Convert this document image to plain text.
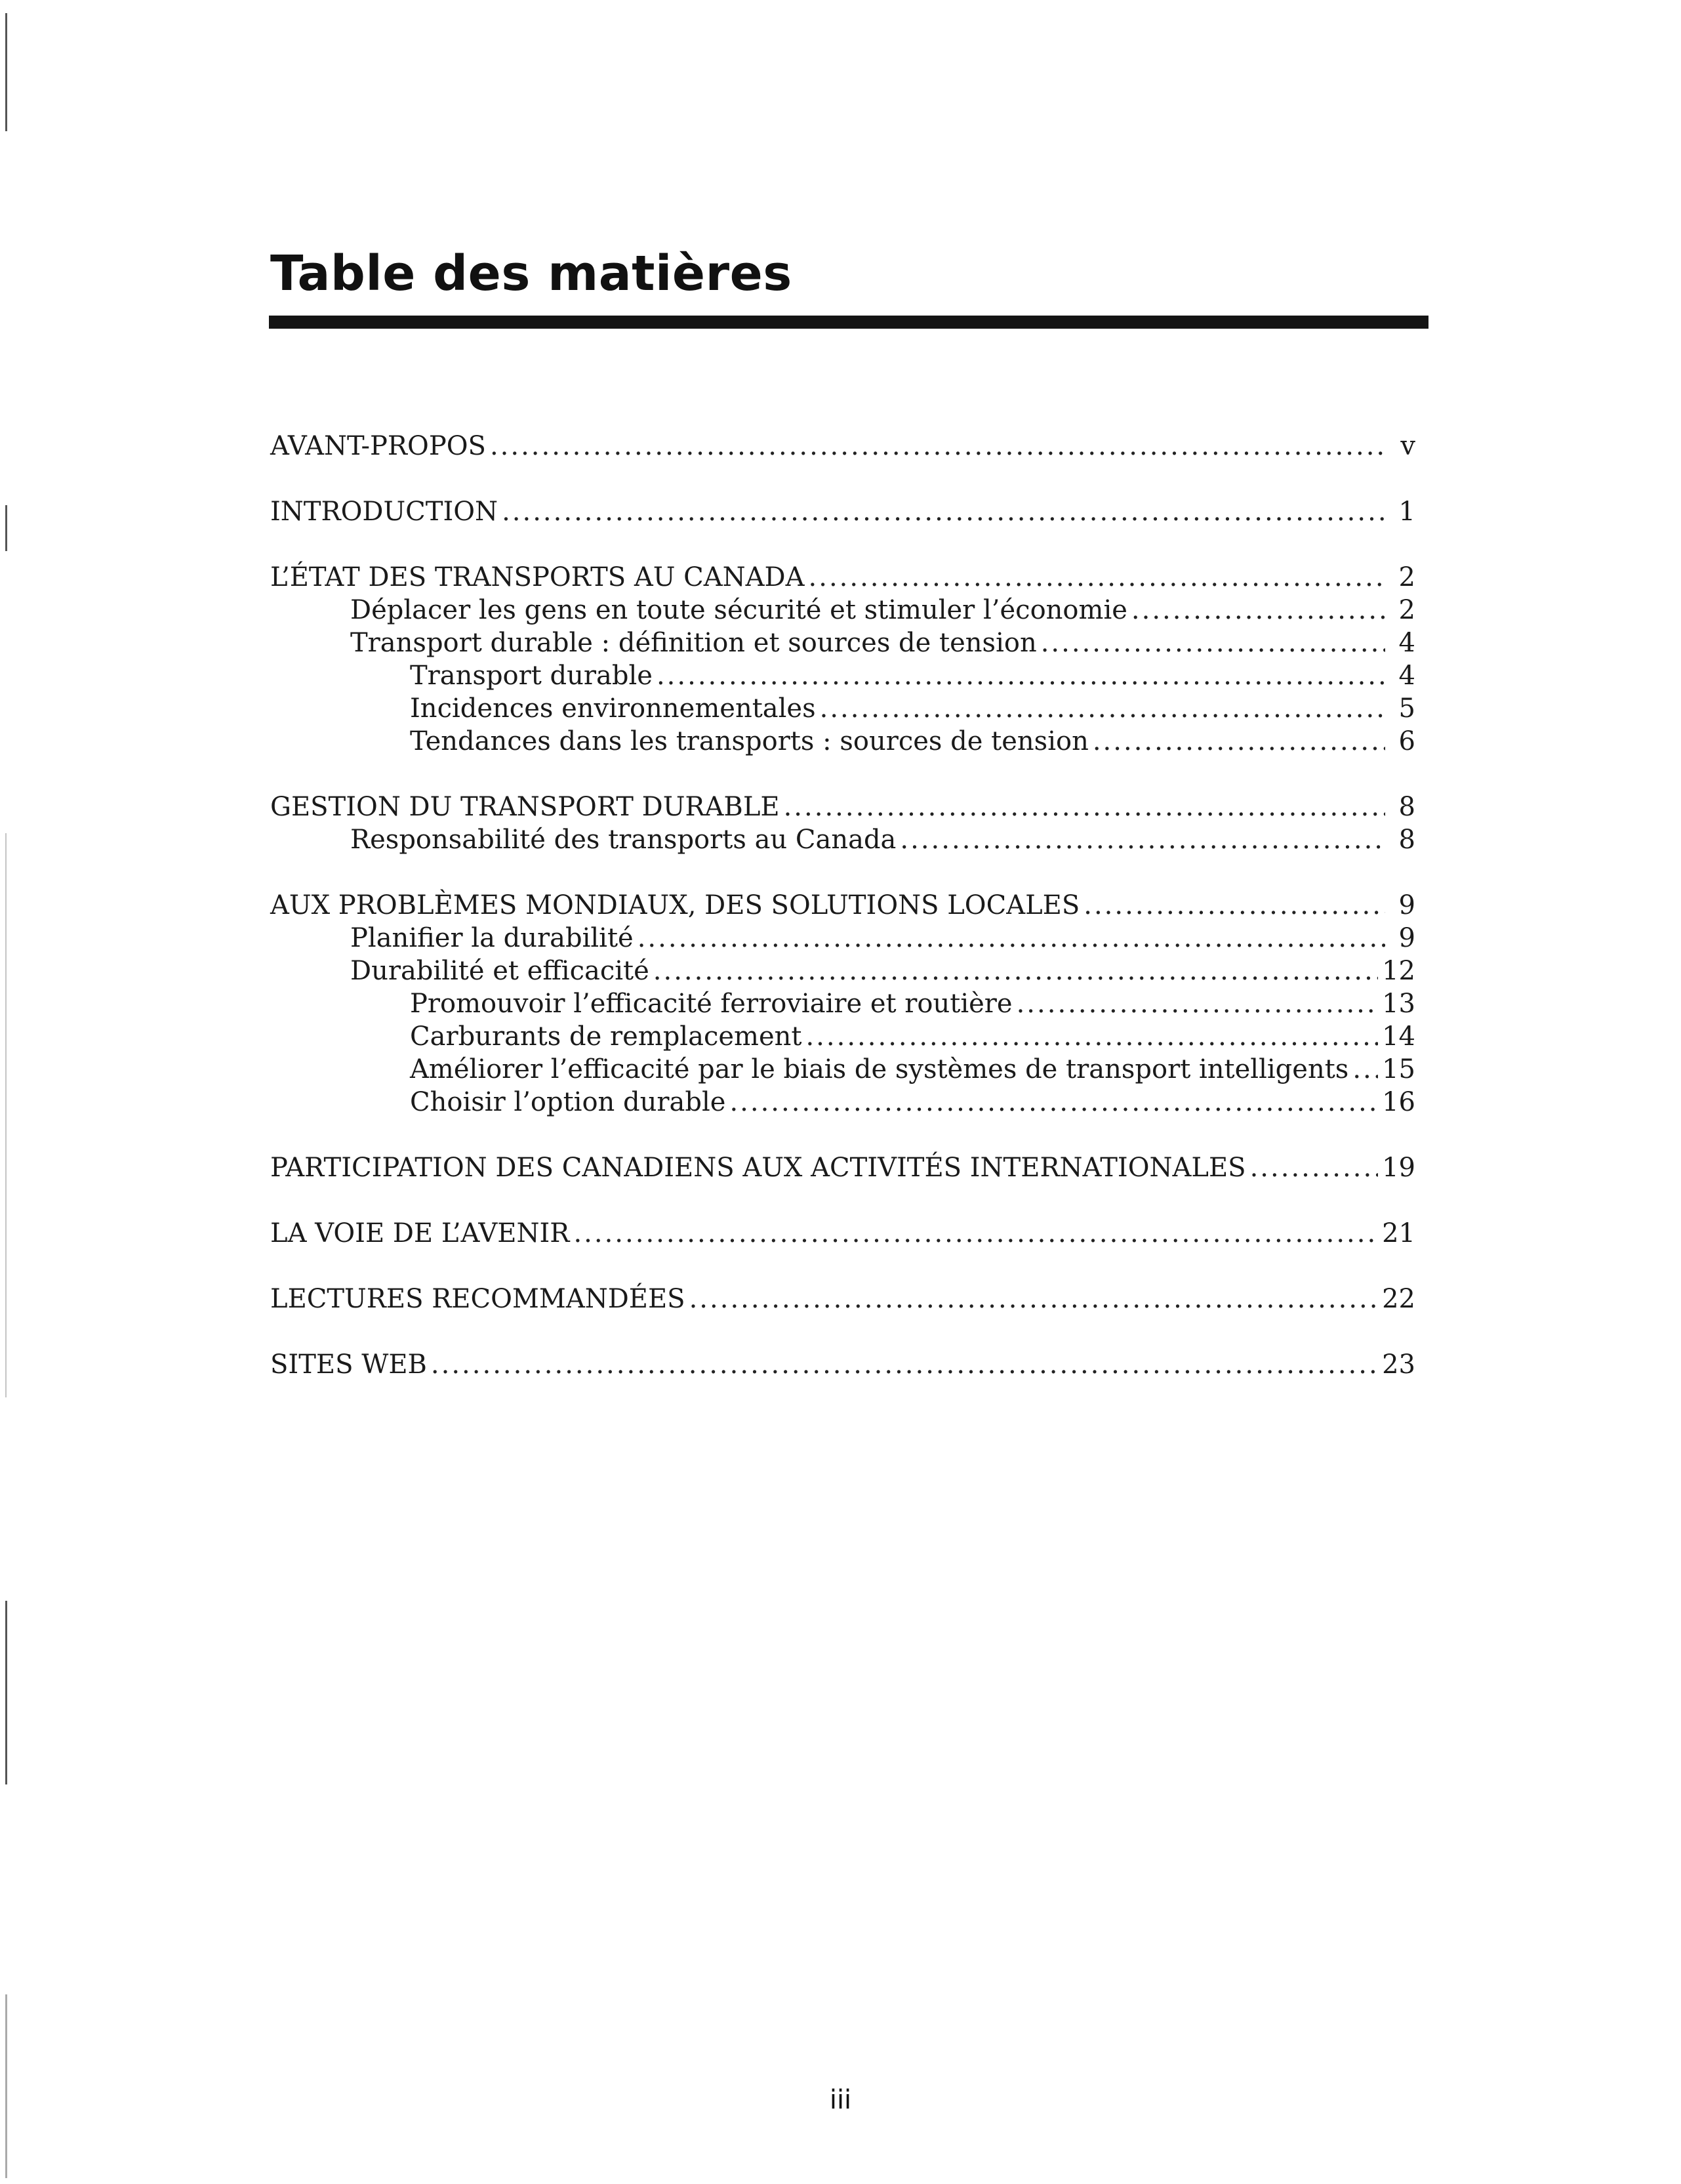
Table des matières
AVANT-PROPOS .....	v
INTRODUCTION .....	1
L’ÉTAT DES TRANSPORTS AU CANADA .....	2
Déplacer les gens en toute sécurité et stimuler l’économie .....	2
Transport durable : définition et sources de tension .....	4
Transport durable .....	4
Incidences environnementales .....	5
Tendances dans les transports : sources de tension .....	6
GESTION DU TRANSPORT DURABLE .....	8
Responsabilité des transports au Canada .....	8
AUX PROBLÈMES MONDIAUX, DES SOLUTIONS LOCALES .....	9
Planifier la durabilité .....	9
Durabilité et efficacité .....	12
Promouvoir l’efficacité ferroviaire et routière .....	13
Carburants de remplacement .....	14
Améliorer l’efficacité par le biais de systèmes de transport intelligents ..... 15
Choisir l’option durable .....	16
PARTICIPATION DES CANADIENS AUX ACTIVITÉS INTERNATIONALES .....	19
LA VOIE DE L’AVENIR .....	21
LECTURES RECOMMANDÉES .....	22
SITES WEB .....	23
iii
